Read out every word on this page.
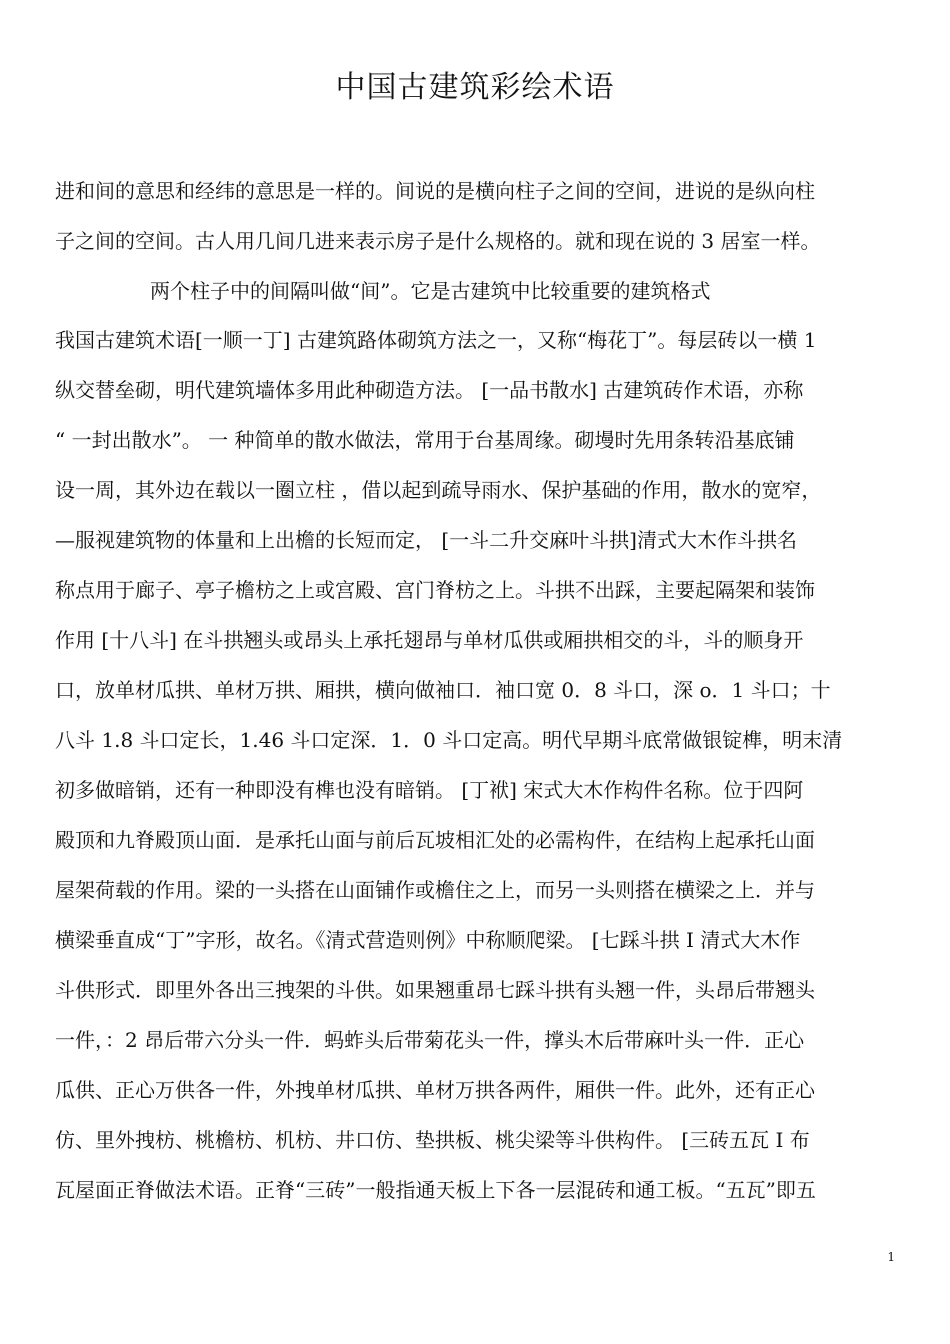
中国古建筑彩绘术语
进和间的意思和经纬的意思是一样的。间说的是横向柱子之间的空间，进说的是纵向柱
子之间的空间。古人用几间几进来表示房子是什么规格的。就和现在说的 3 居室一样。
两个柱子中的间隔叫做“间”。它是古建筑中比较重要的建筑格式
我国古建筑术语[一顺一丁] 古建筑路体砌筑方法之一，又称“梅花丁”。每层砖以一横 1
纵交替垒砌，明代建筑墙体多用此种砌造方法。 [一品书散水] 古建筑砖作术语，亦称
“ 一封出散水”。 一 种简单的散水做法，常用于台基周缘。砌墁时先用条转沿基底铺
设一周，其外边在载以一圈立柱 ，借以起到疏导雨水、保护基础的作用，散水的宽窄，
—服视建筑物的体量和上出檐的长短而定， [一斗二升交麻叶斗拱]清式大木作斗拱名
称点用于廊子、亭子檐枋之上或宫殿、宫门脊枋之上。斗拱不出踩，主要起隔架和装饰
作用 [十八斗] 在斗拱翘头或昂头上承托翅昂与单材瓜供或厢拱相交的斗，斗的顺身开
口，放单材瓜拱、单材万拱、厢拱，横向做袖口．袖口宽 0．8 斗口，深 o．1 斗口；十
八斗 1.8 斗口定长，1.46 斗口定深．1．0 斗口定高。明代早期斗底常做银锭榫，明末清
初多做暗销，还有一种即没有榫也没有暗销。 [丁袱] 宋式大木作构件名称。位于四阿
殿顶和九脊殿顶山面．是承托山面与前后瓦坡相汇处的必需构件，在结构上起承托山面
屋架荷载的作用。梁的一头搭在山面铺作或檐住之上，而另一头则搭在横梁之上．并与
横梁垂直成“丁”字形，故名。《清式营造则例》中称顺爬梁。 [七踩斗拱 I 清式大木作
斗供形式．即里外各出三拽架的斗供。如果翘重昂七踩斗拱有头翘一件，头昂后带翘头
一件，：2 昂后带六分头一件．蚂蚱头后带菊花头一件，撑头木后带麻叶头一件．正心
瓜供、正心万供各一件，外拽单材瓜拱、单材万拱各两件，厢供一件。此外，还有正心
仿、里外拽枋、桃檐枋、机枋、井口仿、垫拱板、桃尖梁等斗供构件。 [三砖五瓦 I 布
瓦屋面正脊做法术语。正脊“三砖”一般指通天板上下各一层混砖和通工板。“五瓦”即五
1
